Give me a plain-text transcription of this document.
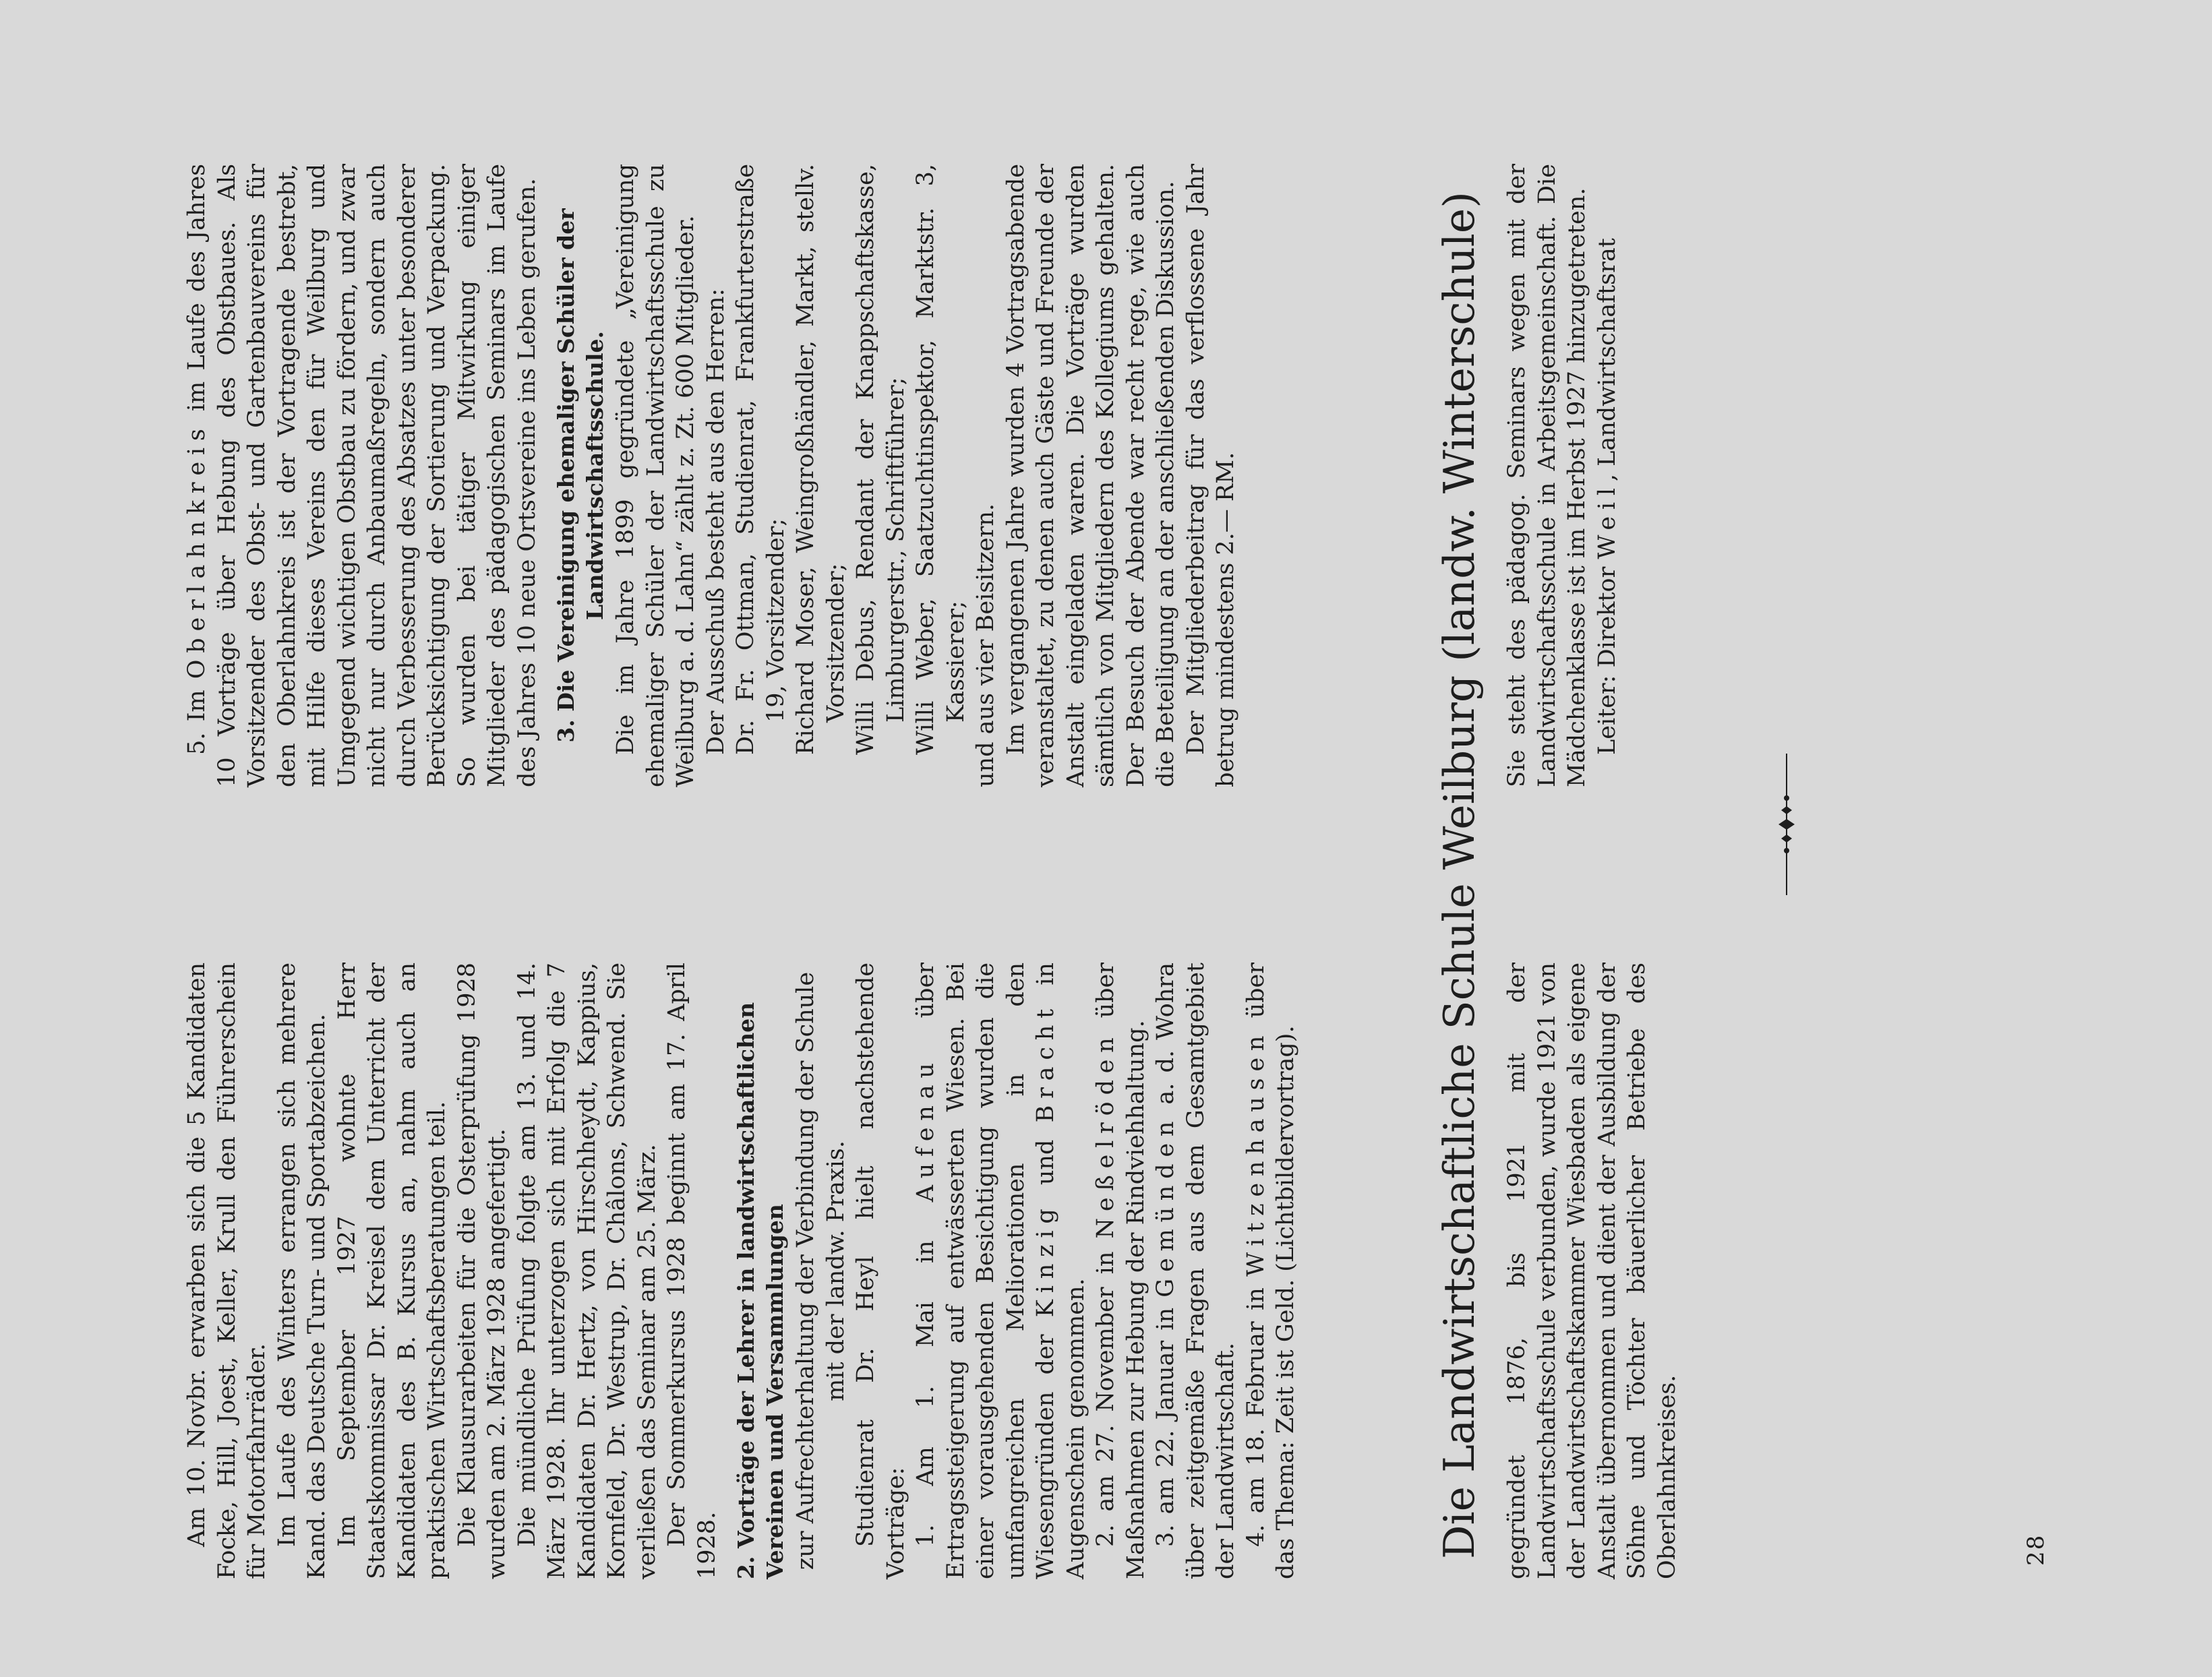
Am 10. Novbr. erwarben sich die 5 Kandidaten Focke, Hill, Joest, Keller, Krull den Führerschein für Motorfahrräder. Im Laufe des Winters errangen sich mehrere Kand. das Deutsche Turn- und Sportabzeichen. Im September 1927 wohnte Herr Staatskommissar Dr. Kreisel dem Unterricht der Kandidaten des B. Kursus an, nahm auch an praktischen Wirtschaftsberatungen teil. Die Klausurarbeiten für die Osterprüfung 1928 wurden am 2. März 1928 angefertigt. Die mündliche Prüfung folgte am 13. und 14. März 1928. Ihr unterzogen sich mit Erfolg die 7 Kandidaten Dr. Hertz, von Hirschheydt, Kappius, Kornfeld, Dr. Westrup, Dr. Châlons, Schwend. Sie verließen das Seminar am 25. März. Der Sommerkursus 1928 beginnt am 17. April 1928. 2. Vorträge der Lehrer in landwirtschaftlichen Vereinen und Versammlungen zur Aufrechterhaltung der Verbindung der Schule mit der landw. Praxis. Studienrat Dr. Heyl hielt nachstehende Vorträge: 1. Am 1. Mai in Aufenau über Ertragssteigerung auf entwässerten Wiesen. Bei einer vorausgehenden Besichtigung wurden die umfangreichen Meliorationen in den Wiesengründen der Kinzig und Bracht in Augenschein genommen. 2. am 27. November in Neßelröden über Maßnahmen zur Hebung der Rindviehhaltung. 3. am 22. Januar in Gemünden a. d. Wohra über zeitgemäße Fragen aus dem Gesamtgebiet der Landwirtschaft. 4. am 18. Februar in Witzenhausen über das Thema: Zeit ist Geld. (Lichtbildervortrag).

5. Im Oberlahnkreis im Laufe des Jahres 10 Vorträge über Hebung des Obstbaues. Als Vorsitzender des Obst- und Gartenbauvereins für den Oberlahnkreis ist der Vortragende bestrebt, mit Hilfe dieses Vereins den für Weilburg und Umgegend wichtigen Obstbau zu fördern, und zwar nicht nur durch Anbaumaßregeln, sondern auch durch Verbesserung des Absatzes unter besonderer Berücksichtigung der Sortierung und Verpackung. So wurden bei tätiger Mitwirkung einiger Mitglieder des pädagogischen Seminars im Laufe des Jahres 10 neue Ortsvereine ins Leben gerufen. 3. Die Vereinigung ehemaliger Schüler der Landwirtschaftsschule. Die im Jahre 1899 gegründete „Vereinigung ehemaliger Schüler der Landwirtschaftsschule zu Weilburg a. d. Lahn“ zählt z. Zt. 600 Mitglieder. Der Ausschuß besteht aus den Herren: Dr. Fr. Ottman, Studienrat, Frankfurterstraße 19, Vorsitzender; Richard Moser, Weingroßhändler, Markt, stellv. Vorsitzender; Willi Debus, Rendant der Knappschaftskasse, Limburgerstr., Schriftführer; Willi Weber, Saatzuchtinspektor, Marktstr. 3, Kassierer; und aus vier Beisitzern. Im vergangenen Jahre wurden 4 Vortragsabende veranstaltet, zu denen auch Gäste und Freunde der Anstalt eingeladen waren. Die Vorträge wurden sämtlich von Mitgliedern des Kollegiums gehalten. Der Besuch der Abende war recht rege, wie auch die Beteiligung an der anschließenden Diskussion. Der Mitgliederbeitrag für das verflossene Jahr betrug mindestens 2.— RM.	Die Landwirtschaftliche Schule Weilburg (landw. Winterschule) gegründet 1876, bis 1921 mit der Landwirtschaftsschule verbunden, wurde 1921 von der Landwirtschaftskammer Wiesbaden als eigene Anstalt übernommen und dient der Ausbildung der Söhne und Töchter bäuerlicher Betriebe des Oberlahnkreises.

Sie steht des pädagog. Seminars wegen mit der Landwirtschaftsschule in Arbeitsgemeinschaft. Die Mädchenklasse ist im Herbst 1927 hinzugetreten. Leiter: Direktor Weil, Landwirtschaftsrat

28
